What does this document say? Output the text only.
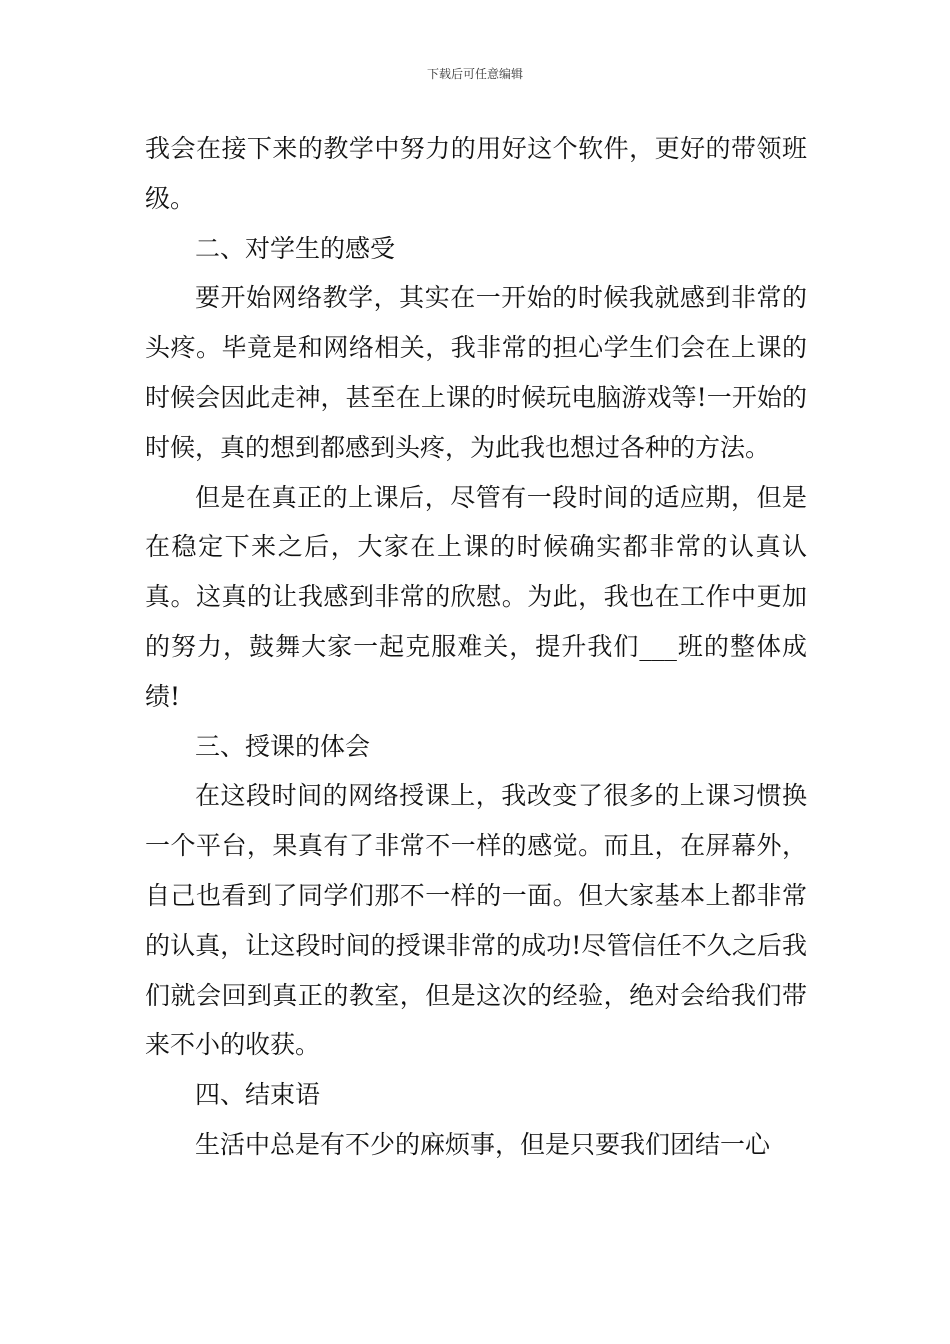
下载后可任意编辑

我会在接下来的教学中努力的用好这个软件，更好的带领班级。

二、对学生的感受

要开始网络教学，其实在一开始的时候我就感到非常的头疼。毕竟是和网络相关，我非常的担心学生们会在上课的时候会因此走神，甚至在上课的时候玩电脑游戏等!一开始的时候，真的想到都感到头疼，为此我也想过各种的方法。

但是在真正的上课后，尽管有一段时间的适应期，但是在稳定下来之后，大家在上课的时候确实都非常的认真认真。这真的让我感到非常的欣慰。为此，我也在工作中更加的努力，鼓舞大家一起克服难关，提升我们___班的整体成绩!

三、授课的体会

在这段时间的网络授课上，我改变了很多的上课习惯换一个平台，果真有了非常不一样的感觉。而且，在屏幕外，自己也看到了同学们那不一样的一面。但大家基本上都非常的认真，让这段时间的授课非常的成功!尽管信任不久之后我们就会回到真正的教室，但是这次的经验，绝对会给我们带来不小的收获。

四、结束语

生活中总是有不少的麻烦事，但是只要我们团结一心
